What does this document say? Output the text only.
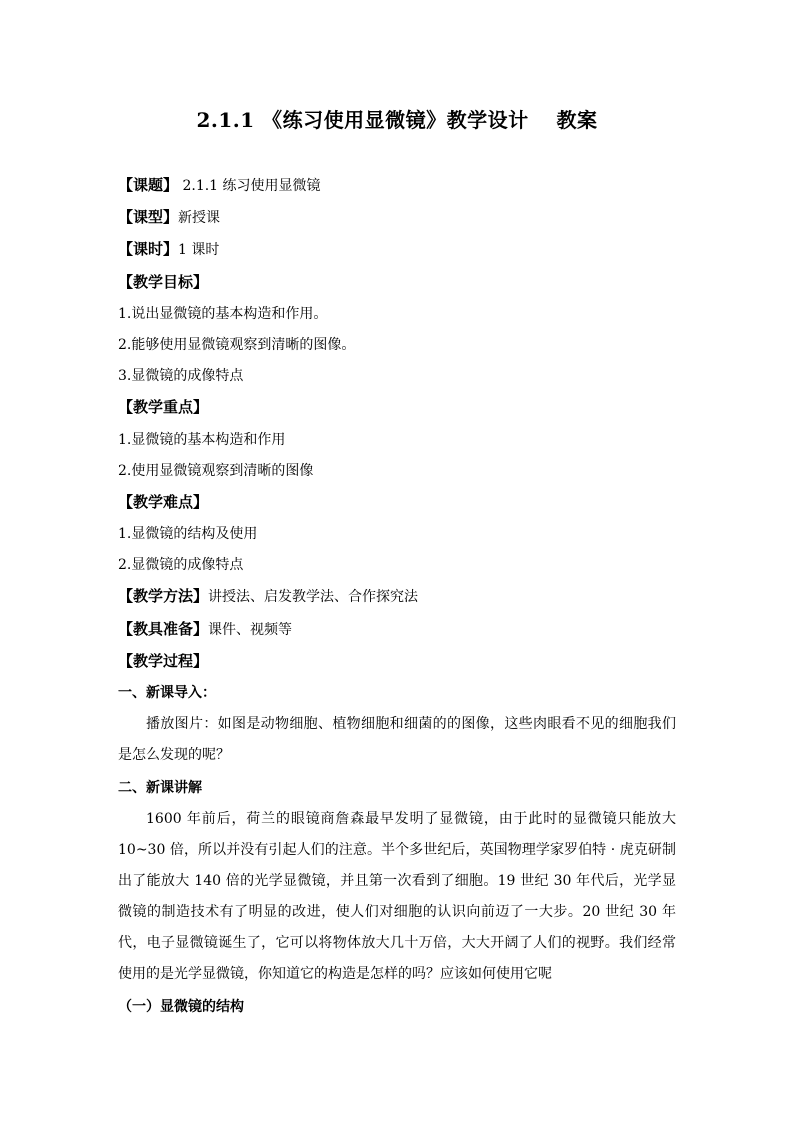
2.1.1 《练习使用显微镜》教学设计　 教案
【课题】 2.1.1 练习使用显微镜
【课型】新授课
【课时】1 课时
【教学目标】
1.说出显微镜的基本构造和作用。
2.能够使用显微镜观察到清晰的图像。
3.显微镜的成像特点
【教学重点】
1.显微镜的基本构造和作用
2.使用显微镜观察到清晰的图像
【教学难点】
1.显微镜的结构及使用
2.显微镜的成像特点
【教学方法】讲授法、启发教学法、合作探究法
【教具准备】课件、视频等
【教学过程】
一、新课导入：
播放图片：如图是动物细胞、植物细胞和细菌的的图像，这些肉眼看不见的细胞我们是怎么发现的呢？
二、新课讲解
1600 年前后，荷兰的眼镜商詹森最早发明了显微镜，由于此时的显微镜只能放大 10~30 倍，所以并没有引起人们的注意。半个多世纪后，英国物理学家罗伯特 · 虎克研制出了能放大 140 倍的光学显微镜，并且第一次看到了细胞。19 世纪 30 年代后，光学显微镜的制造技术有了明显的改进，使人们对细胞的认识向前迈了一大步。20 世纪 30 年代，电子显微镜诞生了，它可以将物体放大几十万倍，大大开阔了人们的视野。我们经常使用的是光学显微镜，你知道它的构造是怎样的吗？应该如何使用它呢
（一）显微镜的结构
